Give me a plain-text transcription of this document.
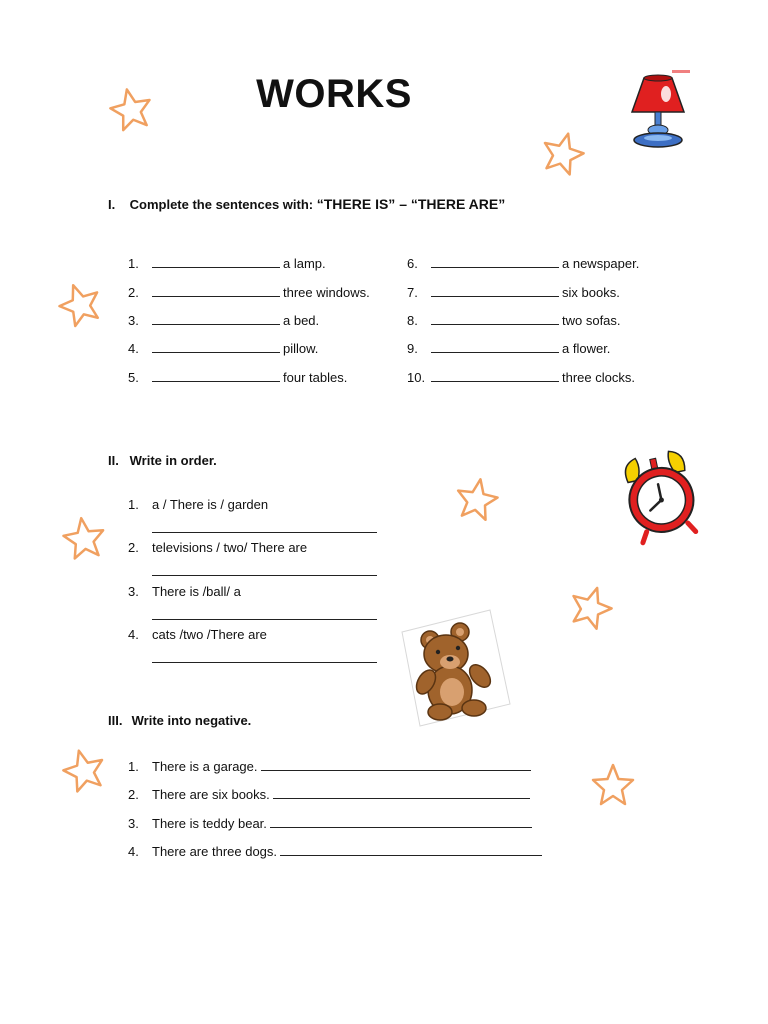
WORKS
I. Complete the sentences with: “THERE IS” – “THERE ARE”
1.	a lamp.
2.	three windows.
3.	a bed.
4.	pillow.
5.	four tables.
6.	a newspaper.
7.	six books.
8.	two sofas.
9.	a flower.
10.	three clocks.
II. Write in order.
1. a / There is / garden
2. televisions / two/ There are
3. There is /ball/ a
4. cats /two /There are
III. Write into negative.
1. There is a garage.
2. There are six books.
3. There is teddy bear.
4. There are three dogs.
